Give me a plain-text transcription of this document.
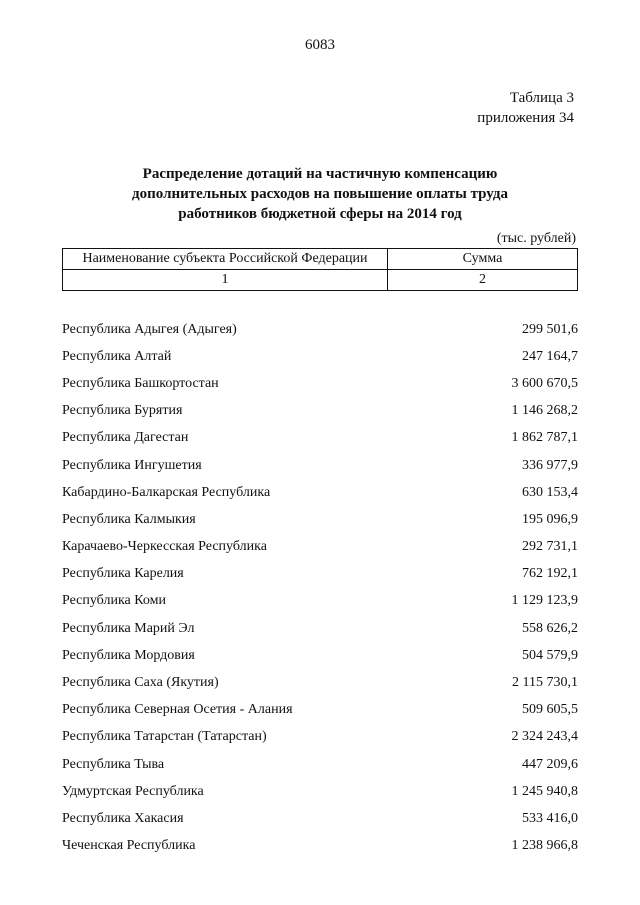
6083
Таблица 3
приложения 34
Распределение дотаций на частичную компенсацию
дополнительных расходов на повышение оплаты труда
работников бюджетной сферы на 2014 год
(тыс. рублей)
Наименование субъекта Российской Федерации	Сумма
1	2
Республика Адыгея (Адыгея)	299 501,6
Республика Алтай	247 164,7
Республика Башкортостан	3 600 670,5
Республика Бурятия	1 146 268,2
Республика Дагестан	1 862 787,1
Республика Ингушетия	336 977,9
Кабардино-Балкарская Республика	630 153,4
Республика Калмыкия	195 096,9
Карачаево-Черкесская Республика	292 731,1
Республика Карелия	762 192,1
Республика Коми	1 129 123,9
Республика Марий Эл	558 626,2
Республика Мордовия	504 579,9
Республика Саха (Якутия)	2 115 730,1
Республика Северная Осетия - Алания	509 605,5
Республика Татарстан (Татарстан)	2 324 243,4
Республика Тыва	447 209,6
Удмуртская Республика	1 245 940,8
Республика Хакасия	533 416,0
Чеченская Республика	1 238 966,8
